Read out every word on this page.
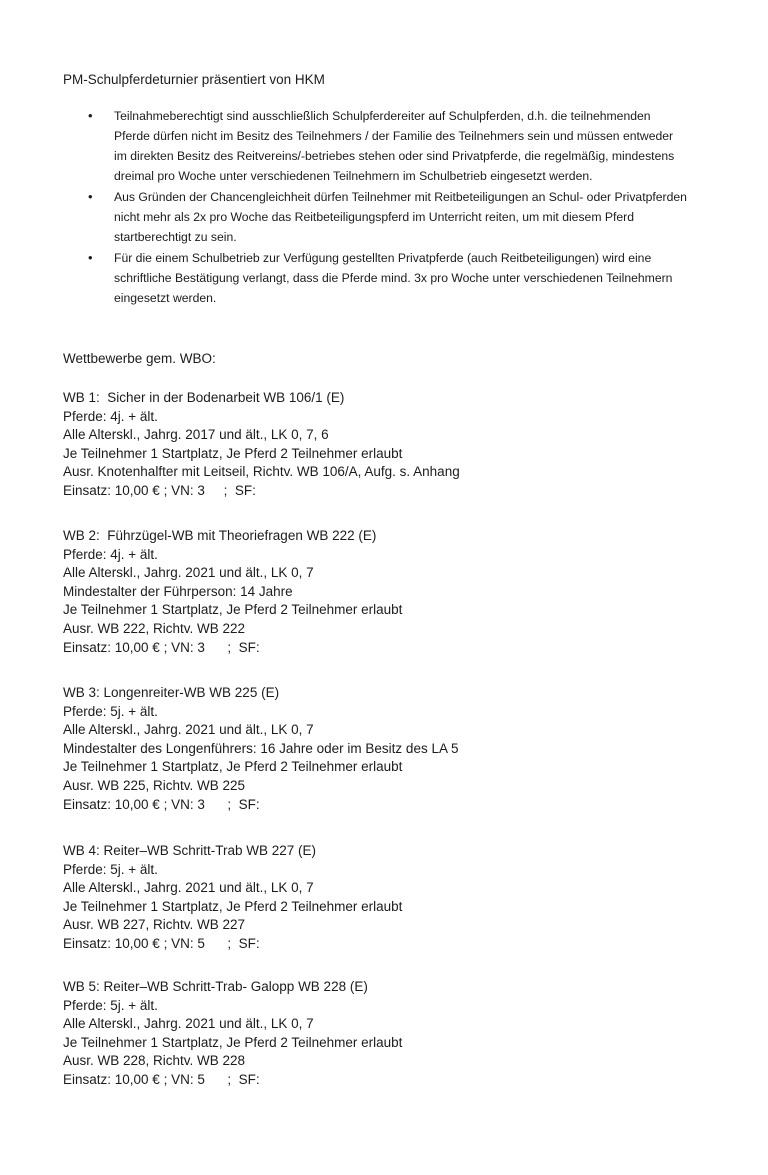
PM-Schulpferdeturnier präsentiert von HKM
• Teilnahmeberechtigt sind ausschließlich Schulpferdereiter auf Schulpferden, d.h. die teilnehmenden Pferde dürfen nicht im Besitz des Teilnehmers / der Familie des Teilnehmers sein und müssen entweder im direkten Besitz des Reitvereins/-betriebes stehen oder sind Privatpferde, die regelmäßig, mindestens dreimal pro Woche unter verschiedenen Teilnehmern im Schulbetrieb eingesetzt werden.
• Aus Gründen der Chancengleichheit dürfen Teilnehmer mit Reitbeteiligungen an Schul- oder Privatpferden nicht mehr als 2x pro Woche das Reitbeteiligungspferd im Unterricht reiten, um mit diesem Pferd startberechtigt zu sein.
• Für die einem Schulbetrieb zur Verfügung gestellten Privatpferde (auch Reitbeteiligungen) wird eine schriftliche Bestätigung verlangt, dass die Pferde mind. 3x pro Woche unter verschiedenen Teilnehmern eingesetzt werden.
Wettbewerbe gem. WBO:
WB 1:  Sicher in der Bodenarbeit WB 106/1 (E)
Pferde: 4j. + ält.
Alle Alterskl., Jahrg. 2017 und ält., LK 0, 7, 6
Je Teilnehmer 1 Startplatz, Je Pferd 2 Teilnehmer erlaubt
Ausr. Knotenhalfter mit Leitseil, Richtv. WB 106/A, Aufg. s. Anhang
Einsatz: 10,00 € ; VN: 3     ;  SF:
WB 2:  Führzügel-WB mit Theoriefragen WB 222 (E)
Pferde: 4j. + ält.
Alle Alterskl., Jahrg. 2021 und ält., LK 0, 7
Mindestalter der Führperson: 14 Jahre
Je Teilnehmer 1 Startplatz, Je Pferd 2 Teilnehmer erlaubt
Ausr. WB 222, Richtv. WB 222
Einsatz: 10,00 € ; VN: 3      ;  SF:
WB 3: Longenreiter-WB WB 225 (E)
Pferde: 5j. + ält.
Alle Alterskl., Jahrg. 2021 und ält., LK 0, 7
Mindestalter des Longenführers: 16 Jahre oder im Besitz des LA 5
Je Teilnehmer 1 Startplatz, Je Pferd 2 Teilnehmer erlaubt
Ausr. WB 225, Richtv. WB 225
Einsatz: 10,00 € ; VN: 3      ;  SF:
WB 4: Reiter–WB Schritt-Trab WB 227 (E)
Pferde: 5j. + ält.
Alle Alterskl., Jahrg. 2021 und ält., LK 0, 7
Je Teilnehmer 1 Startplatz, Je Pferd 2 Teilnehmer erlaubt
Ausr. WB 227, Richtv. WB 227
Einsatz: 10,00 € ; VN: 5      ;  SF:
WB 5: Reiter–WB Schritt-Trab- Galopp WB 228 (E)
Pferde: 5j. + ält.
Alle Alterskl., Jahrg. 2021 und ält., LK 0, 7
Je Teilnehmer 1 Startplatz, Je Pferd 2 Teilnehmer erlaubt
Ausr. WB 228, Richtv. WB 228
Einsatz: 10,00 € ; VN: 5      ;  SF:
